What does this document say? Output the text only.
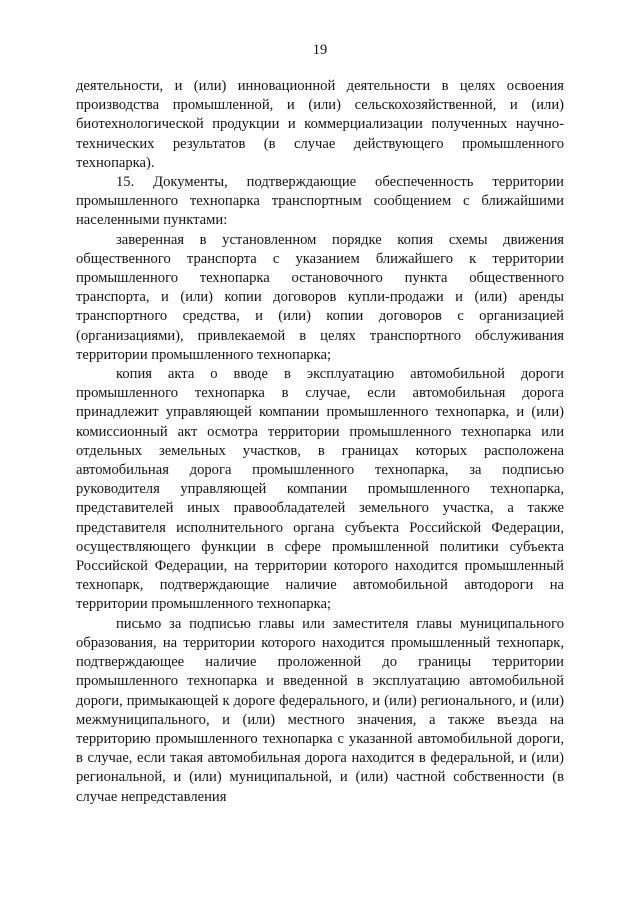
19

деятельности, и (или) инновационной деятельности в целях освоения производства промышленной, и (или) сельскохозяйственной, и (или) биотехнологической продукции и коммерциализации полученных научно-технических результатов (в случае действующего промышленного технопарка).

15. Документы, подтверждающие обеспеченность территории промышленного технопарка транспортным сообщением с ближайшими населенными пунктами:

заверенная в установленном порядке копия схемы движения общественного транспорта с указанием ближайшего к территории промышленного технопарка остановочного пункта общественного транспорта, и (или) копии договоров купли-продажи и (или) аренды транспортного средства, и (или) копии договоров с организацией (организациями), привлекаемой в целях транспортного обслуживания территории промышленного технопарка;

копия акта о вводе в эксплуатацию автомобильной дороги промышленного технопарка в случае, если автомобильная дорога принадлежит управляющей компании промышленного технопарка, и (или) комиссионный акт осмотра территории промышленного технопарка или отдельных земельных участков, в границах которых расположена автомобильная дорога промышленного технопарка, за подписью руководителя управляющей компании промышленного технопарка, представителей иных правообладателей земельного участка, а также представителя исполнительного органа субъекта Российской Федерации, осуществляющего функции в сфере промышленной политики субъекта Российской Федерации, на территории которого находится промышленный технопарк, подтверждающие наличие автомобильной автодороги на территории промышленного технопарка;

письмо за подписью главы или заместителя главы муниципального образования, на территории которого находится промышленный технопарк, подтверждающее наличие проложенной до границы территории промышленного технопарка и введенной в эксплуатацию автомобильной дороги, примыкающей к дороге федерального, и (или) регионального, и (или) межмуниципального, и (или) местного значения, а также въезда на территорию промышленного технопарка с указанной автомобильной дороги, в случае, если такая автомобильная дорога находится в федеральной, и (или) региональной, и (или) муниципальной, и (или) частной собственности (в случае непредставления
